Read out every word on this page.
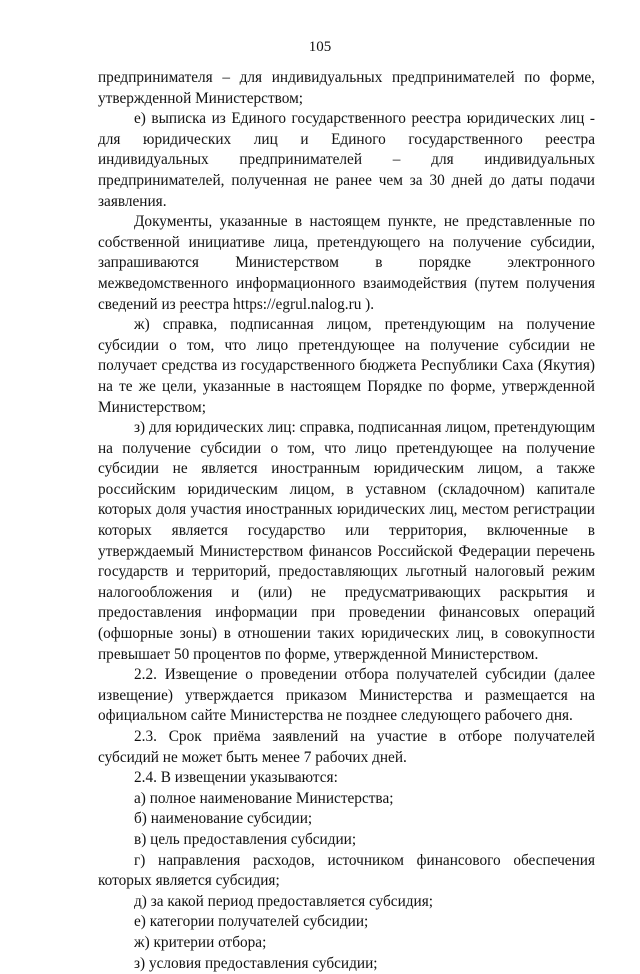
105

предпринимателя – для индивидуальных предпринимателей по форме, утвержденной Министерством;

е) выписка из Единого государственного реестра юридических лиц - для юридических лиц и Единого государственного реестра индивидуальных предпринимателей – для индивидуальных предпринимателей, полученная не ранее чем за 30 дней до даты подачи заявления.

Документы, указанные в настоящем пункте, не представленные по собственной инициативе лица, претендующего на получение субсидии, запрашиваются Министерством в порядке электронного межведомственного информационного взаимодействия (путем получения сведений из реестра https://egrul.nalog.ru ).

ж) справка, подписанная лицом, претендующим на получение субсидии о том, что лицо претендующее на получение субсидии не получает средства из государственного бюджета Республики Саха (Якутия) на те же цели, указанные в настоящем Порядке по форме, утвержденной Министерством;

з) для юридических лиц: справка, подписанная лицом, претендующим на получение субсидии о том, что лицо претендующее на получение субсидии не является иностранным юридическим лицом, а также российским юридическим лицом, в уставном (складочном) капитале которых доля участия иностранных юридических лиц, местом регистрации которых является государство или территория, включенные в утверждаемый Министерством финансов Российской Федерации перечень государств и территорий, предоставляющих льготный налоговый режим налогообложения и (или) не предусматривающих раскрытия и предоставления информации при проведении финансовых операций (офшорные зоны) в отношении таких юридических лиц, в совокупности превышает 50 процентов по форме, утвержденной Министерством.

2.2. Извещение о проведении отбора получателей субсидии (далее извещение) утверждается приказом Министерства и размещается на официальном сайте Министерства не позднее следующего рабочего дня.

2.3. Срок приёма заявлений на участие в отборе получателей субсидий не может быть менее 7 рабочих дней.

2.4. В извещении указываются:

а) полное наименование Министерства;

б) наименование субсидии;

в) цель предоставления субсидии;

г) направления расходов, источником финансового обеспечения которых является субсидия;

д) за какой период предоставляется субсидия;

е) категории получателей субсидии;

ж) критерии отбора;

з) условия предоставления субсидии;
